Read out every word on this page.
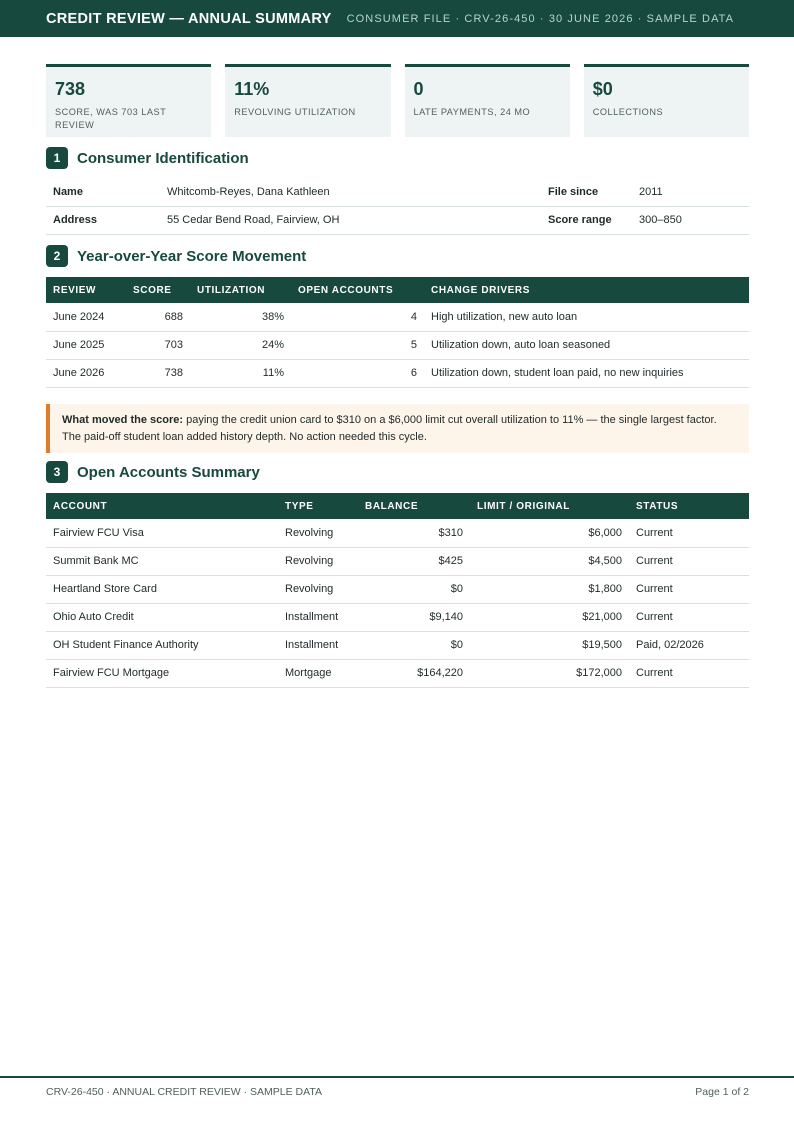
CREDIT REVIEW — ANNUAL SUMMARY CONSUMER FILE · CRV-26-450 · 30 JUNE 2026 · SAMPLE DATA
738
SCORE, WAS 703 LAST REVIEW
11%
REVOLVING UTILIZATION
0
LATE PAYMENTS, 24 MO
$0
COLLECTIONS
1	Consumer Identification
Name	Whitcomb-Reyes, Dana Kathleen	File since	2011
Address	55 Cedar Bend Road, Fairview, OH	Score range	300–850
2	Year-over-Year Score Movement
REVIEW	SCORE	UTILIZATION	OPEN ACCOUNTS	CHANGE DRIVERS
June 2024	688	38%	4	High utilization, new auto loan
June 2025	703	24%	5	Utilization down, auto loan seasoned
June 2026	738	11%	6	Utilization down, student loan paid, no new inquiries
What moved the score: paying the credit union card to $310 on a $6,000 limit cut overall utilization to 11% — the single largest factor. The paid-off student loan added history depth. No action needed this cycle.
3	Open Accounts Summary
ACCOUNT	TYPE	BALANCE	LIMIT / ORIGINAL	STATUS
Fairview FCU Visa	Revolving	$310	$6,000	Current
Summit Bank MC	Revolving	$425	$4,500	Current
Heartland Store Card	Revolving	$0	$1,800	Current
Ohio Auto Credit	Installment	$9,140	$21,000	Current
OH Student Finance Authority	Installment	$0	$19,500	Paid, 02/2026
Fairview FCU Mortgage	Mortgage	$164,220	$172,000	Current
CRV-26-450 · ANNUAL CREDIT REVIEW · SAMPLE DATA	Page 1 of 2
